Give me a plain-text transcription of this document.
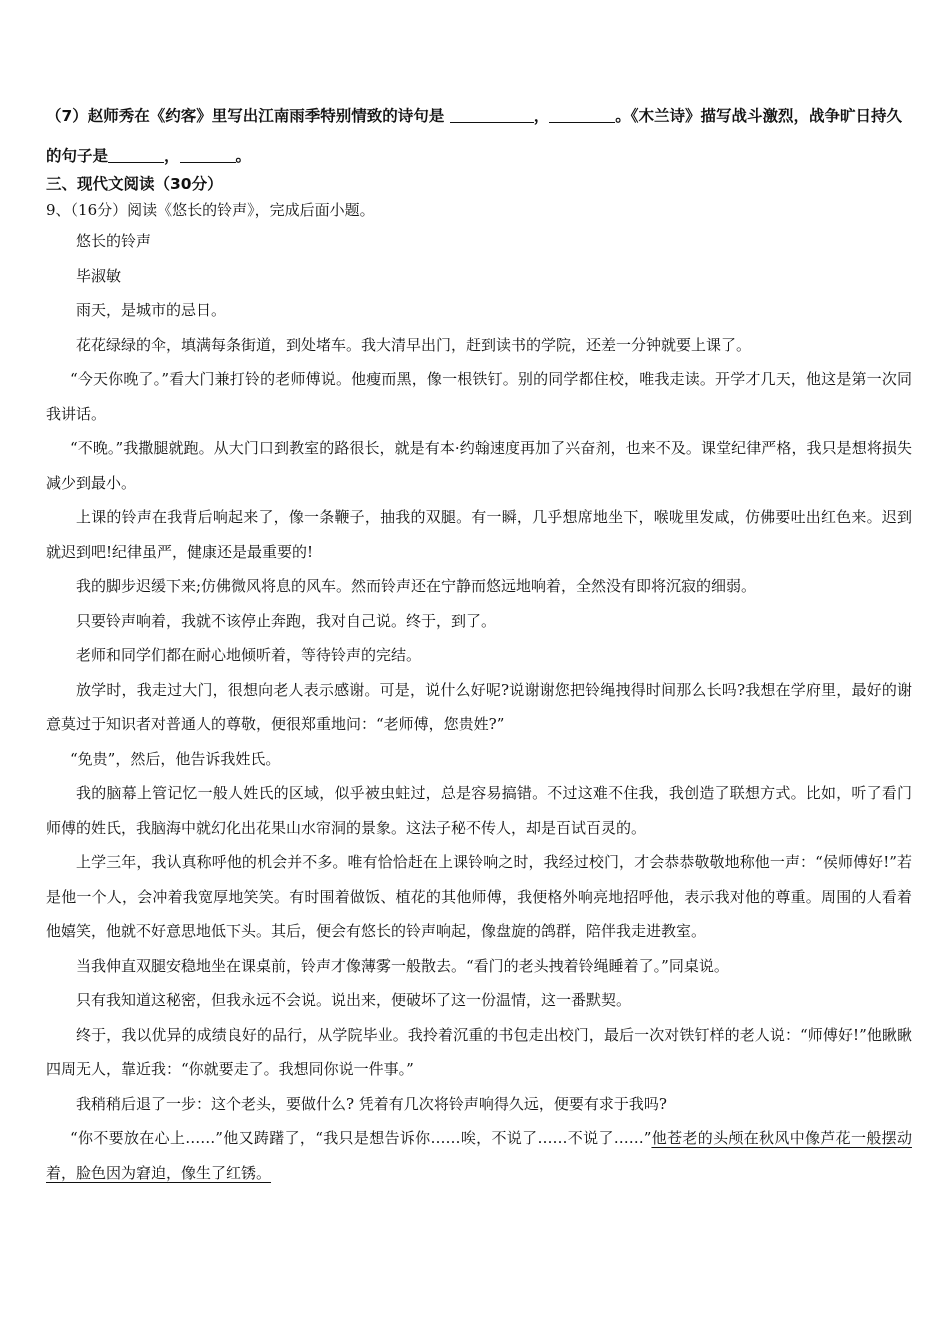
（7）赵师秀在《约客》里写出江南雨季特别情致的诗句是	，	。《木兰诗》描写战斗激烈，战争旷日持久的句子是	，	。
三、现代文阅读（30分）
9、（16分）阅读《悠长的铃声》，完成后面小题。

悠长的铃声

毕淑敏

雨天，是城市的忌日。

花花绿绿的伞，填满每条街道，到处堵车。我大清早出门，赶到读书的学院，还差一分钟就要上课了。

“今天你晚了。”看大门兼打铃的老师傅说。他瘦而黑，像一根铁钉。别的同学都住校，唯我走读。开学才几天，他这是第一次同我讲话。

“不晚。”我撒腿就跑。从大门口到教室的路很长，就是有本·约翰速度再加了兴奋剂，也来不及。课堂纪律严格，我只是想将损失减少到最小。

上课的铃声在我背后响起来了，像一条鞭子，抽我的双腿。有一瞬，几乎想席地坐下，喉咙里发咸，仿佛要吐出红色来。迟到就迟到吧!纪律虽严，健康还是最重要的!

我的脚步迟缓下来;仿佛微风将息的风车。然而铃声还在宁静而悠远地响着，全然没有即将沉寂的细弱。

只要铃声响着，我就不该停止奔跑，我对自己说。终于，到了。

老师和同学们都在耐心地倾听着，等待铃声的完结。

放学时，我走过大门，很想向老人表示感谢。可是，说什么好呢?说谢谢您把铃绳拽得时间那么长吗?我想在学府里，最好的谢意莫过于知识者对普通人的尊敬，便很郑重地问：“老师傅，您贵姓?”

“免贵”，然后，他告诉我姓氏。

我的脑幕上管记忆一般人姓氏的区域，似乎被虫蛀过，总是容易搞错。不过这难不住我，我创造了联想方式。比如，听了看门师傅的姓氏，我脑海中就幻化出花果山水帘洞的景象。这法子秘不传人，却是百试百灵的。

上学三年，我认真称呼他的机会并不多。唯有恰恰赶在上课铃响之时，我经过校门，才会恭恭敬敬地称他一声：“侯师傅好!”若是他一个人，会冲着我宽厚地笑笑。有时围着做饭、植花的其他师傅，我便格外响亮地招呼他，表示我对他的尊重。周围的人看着他嬉笑，他就不好意思地低下头。其后，便会有悠长的铃声响起，像盘旋的鸽群，陪伴我走进教室。

当我伸直双腿安稳地坐在课桌前，铃声才像薄雾一般散去。“看门的老头拽着铃绳睡着了。”同桌说。

只有我知道这秘密，但我永远不会说。说出来，便破坏了这一份温情，这一番默契。

终于，我以优异的成绩良好的品行，从学院毕业。我拎着沉重的书包走出校门，最后一次对铁钉样的老人说：“师傅好!”他瞅瞅四周无人，靠近我：“你就要走了。我想同你说一件事。”

我稍稍后退了一步：这个老头，要做什么? 凭着有几次将铃声响得久远，便要有求于我吗?

“你不要放在心上……”他又踌躇了，“我只是想告诉你……唉，不说了……不说了……”他苍老的头颅在秋风中像芦花一般摆动着，脸色因为窘迫，像生了红锈。
